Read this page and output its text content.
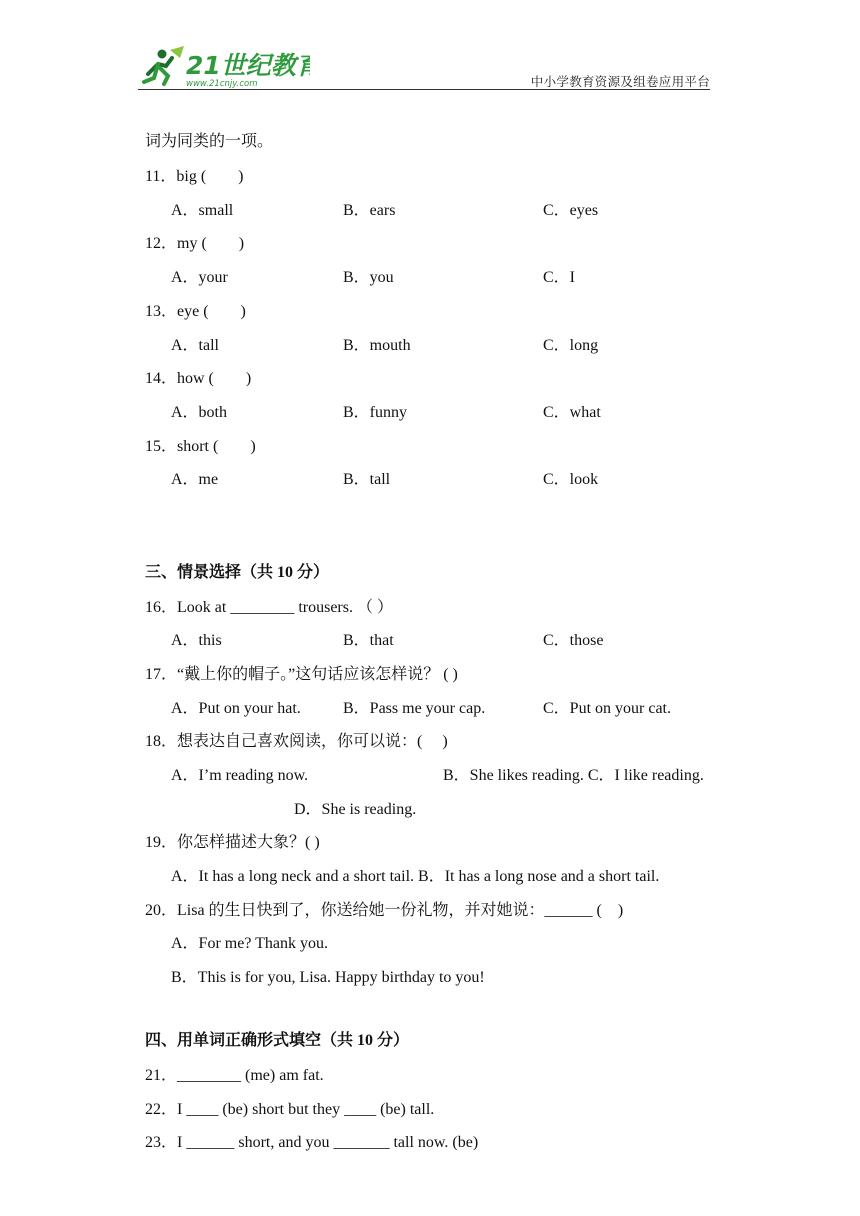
21世纪教育
www.21cnjy.com	中小学教育资源及组卷应用平台
词为同类的一项。
11．big (　　)
A．small	B．ears	C．eyes
12．my (　　)
A．your	B．you	C．I
13．eye (　　)
A．tall	B．mouth	C．long
14．how (　　)
A．both	B．funny	C．what
15．short (　　)
A．me	B．tall	C．look
三、情景选择（共 10 分）
16．Look at ________ trousers. （ ）
A．this	B．that	C．those
17．“戴上你的帽子。”这句话应该怎样说？ ( )
A．Put on your hat.	B．Pass me your cap.	C．Put on your cat.
18．想表达自己喜欢阅读，你可以说：(　 )
A．I’m reading now.	B．She likes reading. C．I like reading.
D．She is reading.
19．你怎样描述大象？( )
A．It has a long neck and a short tail. B．It has a long nose and a short tail.
20．Lisa 的生日快到了，你送给她一份礼物，并对她说：______ (　)
A．For me? Thank you.
B．This is for you, Lisa. Happy birthday to you!
四、用单词正确形式填空（共 10 分）
21．________ (me) am fat.
22．I ____ (be) short but they ____ (be) tall.
23．I ______ short, and you _______ tall now. (be)
